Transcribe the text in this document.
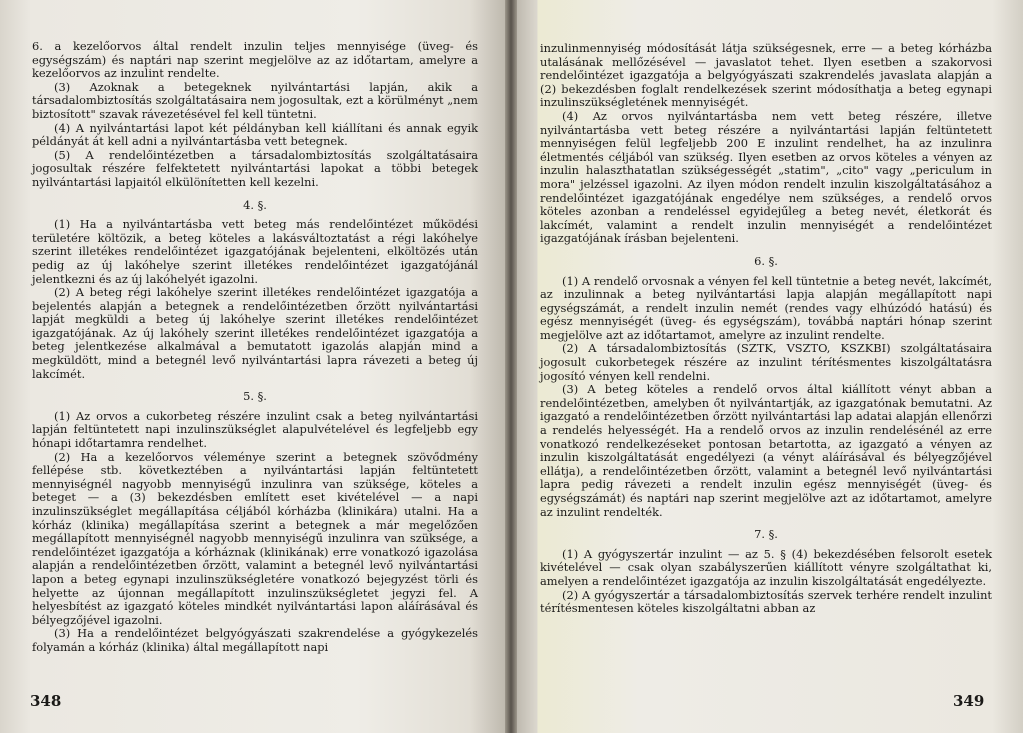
6. a kezelőorvos által rendelt inzulin teljes mennyisége (üveg- és egységszám) és naptári nap szerint megjelölve az az időtartam, amelyre a kezelőorvos az inzulint rendelte.

(3) Azoknak a betegeknek nyilvántartási lapján, akik a társadalombiztosítás szolgáltatásaira nem jogosultak, ezt a körülményt „nem biztosított" szavak rávezetésével fel kell tüntetni.

(4) A nyilvántartási lapot két példányban kell kiállítani és annak egyik példányát át kell adni a nyilvántartásba vett betegnek.

(5) A rendelőintézetben a társadalombiztosítás szolgáltatásaira jogosultak részére felfektetett nyilvántartási lapokat a többi betegek nyilvántartási lapjaitól elkülönítetten kell kezelni.

4. §.

(1) Ha a nyilvántartásba vett beteg más rendelőintézet működési területére költözik, a beteg köteles a lakásváltoztatást a régi lakóhelye szerint illetékes rendelőintézet igazgatójának bejelenteni, elköltözés után pedig az új lakóhelye szerint illetékes rendelőintézet igazgatójánál jelentkezni és az új lakóhelyét igazolni.

(2) A beteg régi lakóhelye szerint illetékes rendelőintézet igazgatója a bejelentés alapján a betegnek a rendelőintézetben őrzött nyilvántartási lapját megküldi a beteg új lakóhelye szerint illetékes rendelőintézet igazgatójának. Az új lakóhely szerint illetékes rendelőintézet igazgatója a beteg jelentkezése alkalmával a bemutatott igazolás alapján mind a megküldött, mind a betegnél levő nyilvántartási lapra rávezeti a beteg új lakcímét.

5. §.

(1) Az orvos a cukorbeteg részére inzulint csak a beteg nyilvántartási lapján feltüntetett napi inzulinszükséglet alapulvételével és legfeljebb egy hónapi időtartamra rendelhet.

(2) Ha a kezelőorvos véleménye szerint a betegnek szövődmény fellépése stb. következtében a nyilvántartási lapján feltüntetett mennyiségnél nagyobb mennyiségű inzulinra van szüksége, köteles a beteget — a (3) bekezdésben említett eset kivételével — a napi inzulinszükséglet megállapítása céljából kórházba (klinikára) utalni. Ha a kórház (klinika) megállapítása szerint a betegnek a már megelőzően megállapított mennyiségnél nagyobb mennyiségű inzulinra van szüksége, a rendelőintézet igazgatója a kórháznak (klinikának) erre vonatkozó igazolása alapján a rendelőintézetben őrzött, valamint a betegnél levő nyilvántartási lapon a beteg egynapi inzulinszükségletére vonatkozó bejegyzést törli és helyette az újonnan megállapított inzulinszükségletet jegyzi fel. A helyesbítést az igazgató köteles mindkét nyilvántartási lapon aláírásával és bélyegzőjével igazolni.

(3) Ha a rendelőintézet belgyógyászati szakrendelése a gyógykezelés folyamán a kórház (klinika) által megállapított napi

348

inzulinmennyiség módosítását látja szükségesnek, erre — a beteg kórházba utalásának mellőzésével — javaslatot tehet. Ilyen esetben a szakorvosi rendelőintézet igazgatója a belgyógyászati szakrendelés javaslata alapján a (2) bekezdésben foglalt rendelkezések szerint módosíthatja a beteg egynapi inzulinszükségletének mennyiségét.

(4) Az orvos nyilvántartásba nem vett beteg részére, illetve nyilvántartásba vett beteg részére a nyilvántartási lapján feltüntetett mennyiségen felül legfeljebb 200 E inzulint rendelhet, ha az inzulinra életmentés céljából van szükség. Ilyen esetben az orvos köteles a vényen az inzulin halaszthatatlan szükségességét „statim", „cito" vagy „periculum in mora" jelzéssel igazolni. Az ilyen módon rendelt inzulin kiszolgáltatásához a rendelőintézet igazgatójának engedélye nem szükséges, a rendelő orvos köteles azonban a rendeléssel egyidejűleg a beteg nevét, életkorát és lakcímét, valamint a rendelt inzulin mennyiségét a rendelőintézet igazgatójának írásban bejelenteni.

6. §.

(1) A rendelő orvosnak a vényen fel kell tüntetnie a beteg nevét, lakcímét, az inzulinnak a beteg nyilvántartási lapja alapján megállapított napi egységszámát, a rendelt inzulin nemét (rendes vagy elhúzódó hatású) és egész mennyiségét (üveg- és egységszám), továbbá naptári hónap szerint megjelölve azt az időtartamot, amelyre az inzulint rendelte.

(2) A társadalombiztosítás (SZTK, VSZTO, KSZKBI) szolgáltatásaira jogosult cukorbetegek részére az inzulint térítésmentes kiszolgáltatásra jogosító vényen kell rendelni.

(3) A beteg köteles a rendelő orvos által kiállított vényt abban a rendelőintézetben, amelyben őt nyilvántartják, az igazgatónak bemutatni. Az igazgató a rendelőintézetben őrzött nyilvántartási lap adatai alapján ellenőrzi a rendelés helyességét. Ha a rendelő orvos az inzulin rendelésénél az erre vonatkozó rendelkezéseket pontosan betartotta, az igazgató a vényen az inzulin kiszolgáltatását engedélyezi (a vényt aláírásával és bélyegzőjével ellátja), a rendelőintézetben őrzött, valamint a betegnél levő nyilvántartási lapra pedig rávezeti a rendelt inzulin egész mennyiségét (üveg- és egységszámát) és naptári nap szerint megjelölve azt az időtartamot, amelyre az inzulint rendelték.

7. §.

(1) A gyógyszertár inzulint — az 5. § (4) bekezdésében felsorolt esetek kivételével — csak olyan szabályszerűen kiállított vényre szolgáltathat ki, amelyen a rendelőintézet igazgatója az inzulin kiszolgáltatását engedélyezte.

(2) A gyógyszertár a társadalombiztosítás szervek terhére rendelt inzulint térítésmentesen köteles kiszolgáltatni abban az

349
